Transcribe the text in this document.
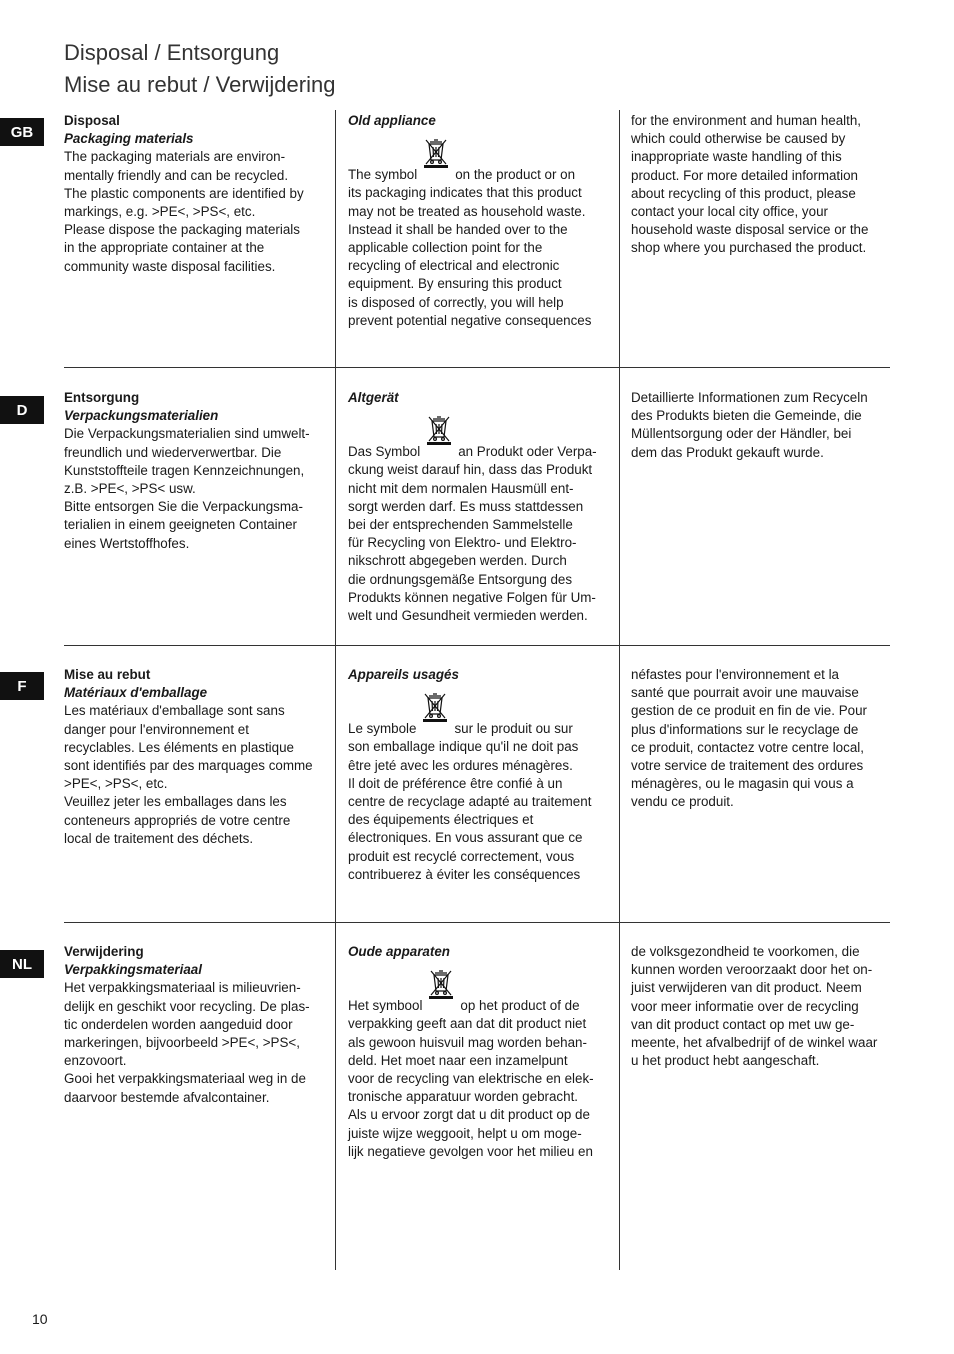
Disposal / Entsorgung
Mise au rebut / Verwijdering
GB

Disposal

Packaging materials

The packaging materials are environ-

mentally friendly and can be recycled.

The plastic components are identified by

markings, e.g. >PE<, >PS<, etc.

Please dispose the packaging materials

in the appropriate container at the

community waste disposal facilities.

Old appliance

The symbol	on the product or on

its packaging indicates that this product

may not be treated as household waste.

Instead it shall be handed over to the

applicable collection point for the

recycling of electrical and electronic

equipment. By ensuring this product

is disposed of correctly, you will help

prevent potential negative consequences

for the environment and human health,

which could otherwise be caused by

inappropriate waste handling of this

product. For more detailed information

about recycling of this product, please

contact your local city office, your

household waste disposal service or the

shop where you purchased the product.

D

Entsorgung

Verpackungsmaterialien

Die Verpackungsmaterialien sind umwelt-

freundlich und wiederverwertbar. Die

Kunststoffteile tragen Kennzeichnungen,

z.B. >PE<, >PS< usw.

Bitte entsorgen Sie die Verpackungsma-

terialien in einem geeigneten Container

eines Wertstoffhofes.

Altgerät

Das Symbol	an Produkt oder Verpa-

ckung weist darauf hin, dass das Produkt

nicht mit dem normalen Hausmüll ent-

sorgt werden darf. Es muss stattdessen

bei der entsprechenden Sammelstelle

für Recycling von Elektro- und Elektro-

nikschrott abgegeben werden. Durch

die ordnungsgemäße Entsorgung des

Produkts können negative Folgen für Um-

welt und Gesundheit vermieden werden.

Detaillierte Informationen zum Recyceln

des Produkts bieten die Gemeinde, die

Müllentsorgung oder der Händler, bei

dem das Produkt gekauft wurde.

F

Mise au rebut

Matériaux d'emballage

Les matériaux d'emballage sont sans

danger pour l'environnement et

recyclables. Les éléments en plastique

sont identifiés par des marquages comme

>PE<, >PS<, etc.

Veuillez jeter les emballages dans les

conteneurs appropriés de votre centre

local de traitement des déchets.

Appareils usagés

Le symbole	sur le produit ou sur

son emballage indique qu'il ne doit pas

être jeté avec les ordures ménagères.

Il doit de préférence être confié à un

centre de recyclage adapté au traitement

des équipements électriques et

électroniques. En vous assurant que ce

produit est recyclé correctement, vous

contribuerez à éviter les conséquences

néfastes pour l'environnement et la

santé que pourrait avoir une mauvaise

gestion de ce produit en fin de vie. Pour

plus d'informations sur le recyclage de

ce produit, contactez votre centre local,

votre service de traitement des ordures

ménagères, ou le magasin qui vous a

vendu ce produit.

NL

Verwijdering

Verpakkingsmateriaal

Het verpakkingsmateriaal is milieuvrien-

delijk en geschikt voor recycling. De plas-

tic onderdelen worden aangeduid door

markeringen, bijvoorbeeld >PE<, >PS<,

enzovoort.

Gooi het verpakkingsmateriaal weg in de

daarvoor bestemde afvalcontainer.

Oude apparaten

Het symbool	op het product of de

verpakking geeft aan dat dit product niet

als gewoon huisvuil mag worden behan-

deld. Het moet naar een inzamelpunt

voor de recycling van elektrische en elek-

tronische apparatuur worden gebracht.

Als u ervoor zorgt dat u dit product op de

juiste wijze weggooit, helpt u om moge-

lijk negatieve gevolgen voor het milieu en

de volksgezondheid te voorkomen, die

kunnen worden veroorzaakt door het on-

juist verwijderen van dit product. Neem

voor meer informatie over de recycling

van dit product contact op met uw ge-

meente, het afvalbedrijf of de winkel waar

u het product hebt aangeschaft.

10
